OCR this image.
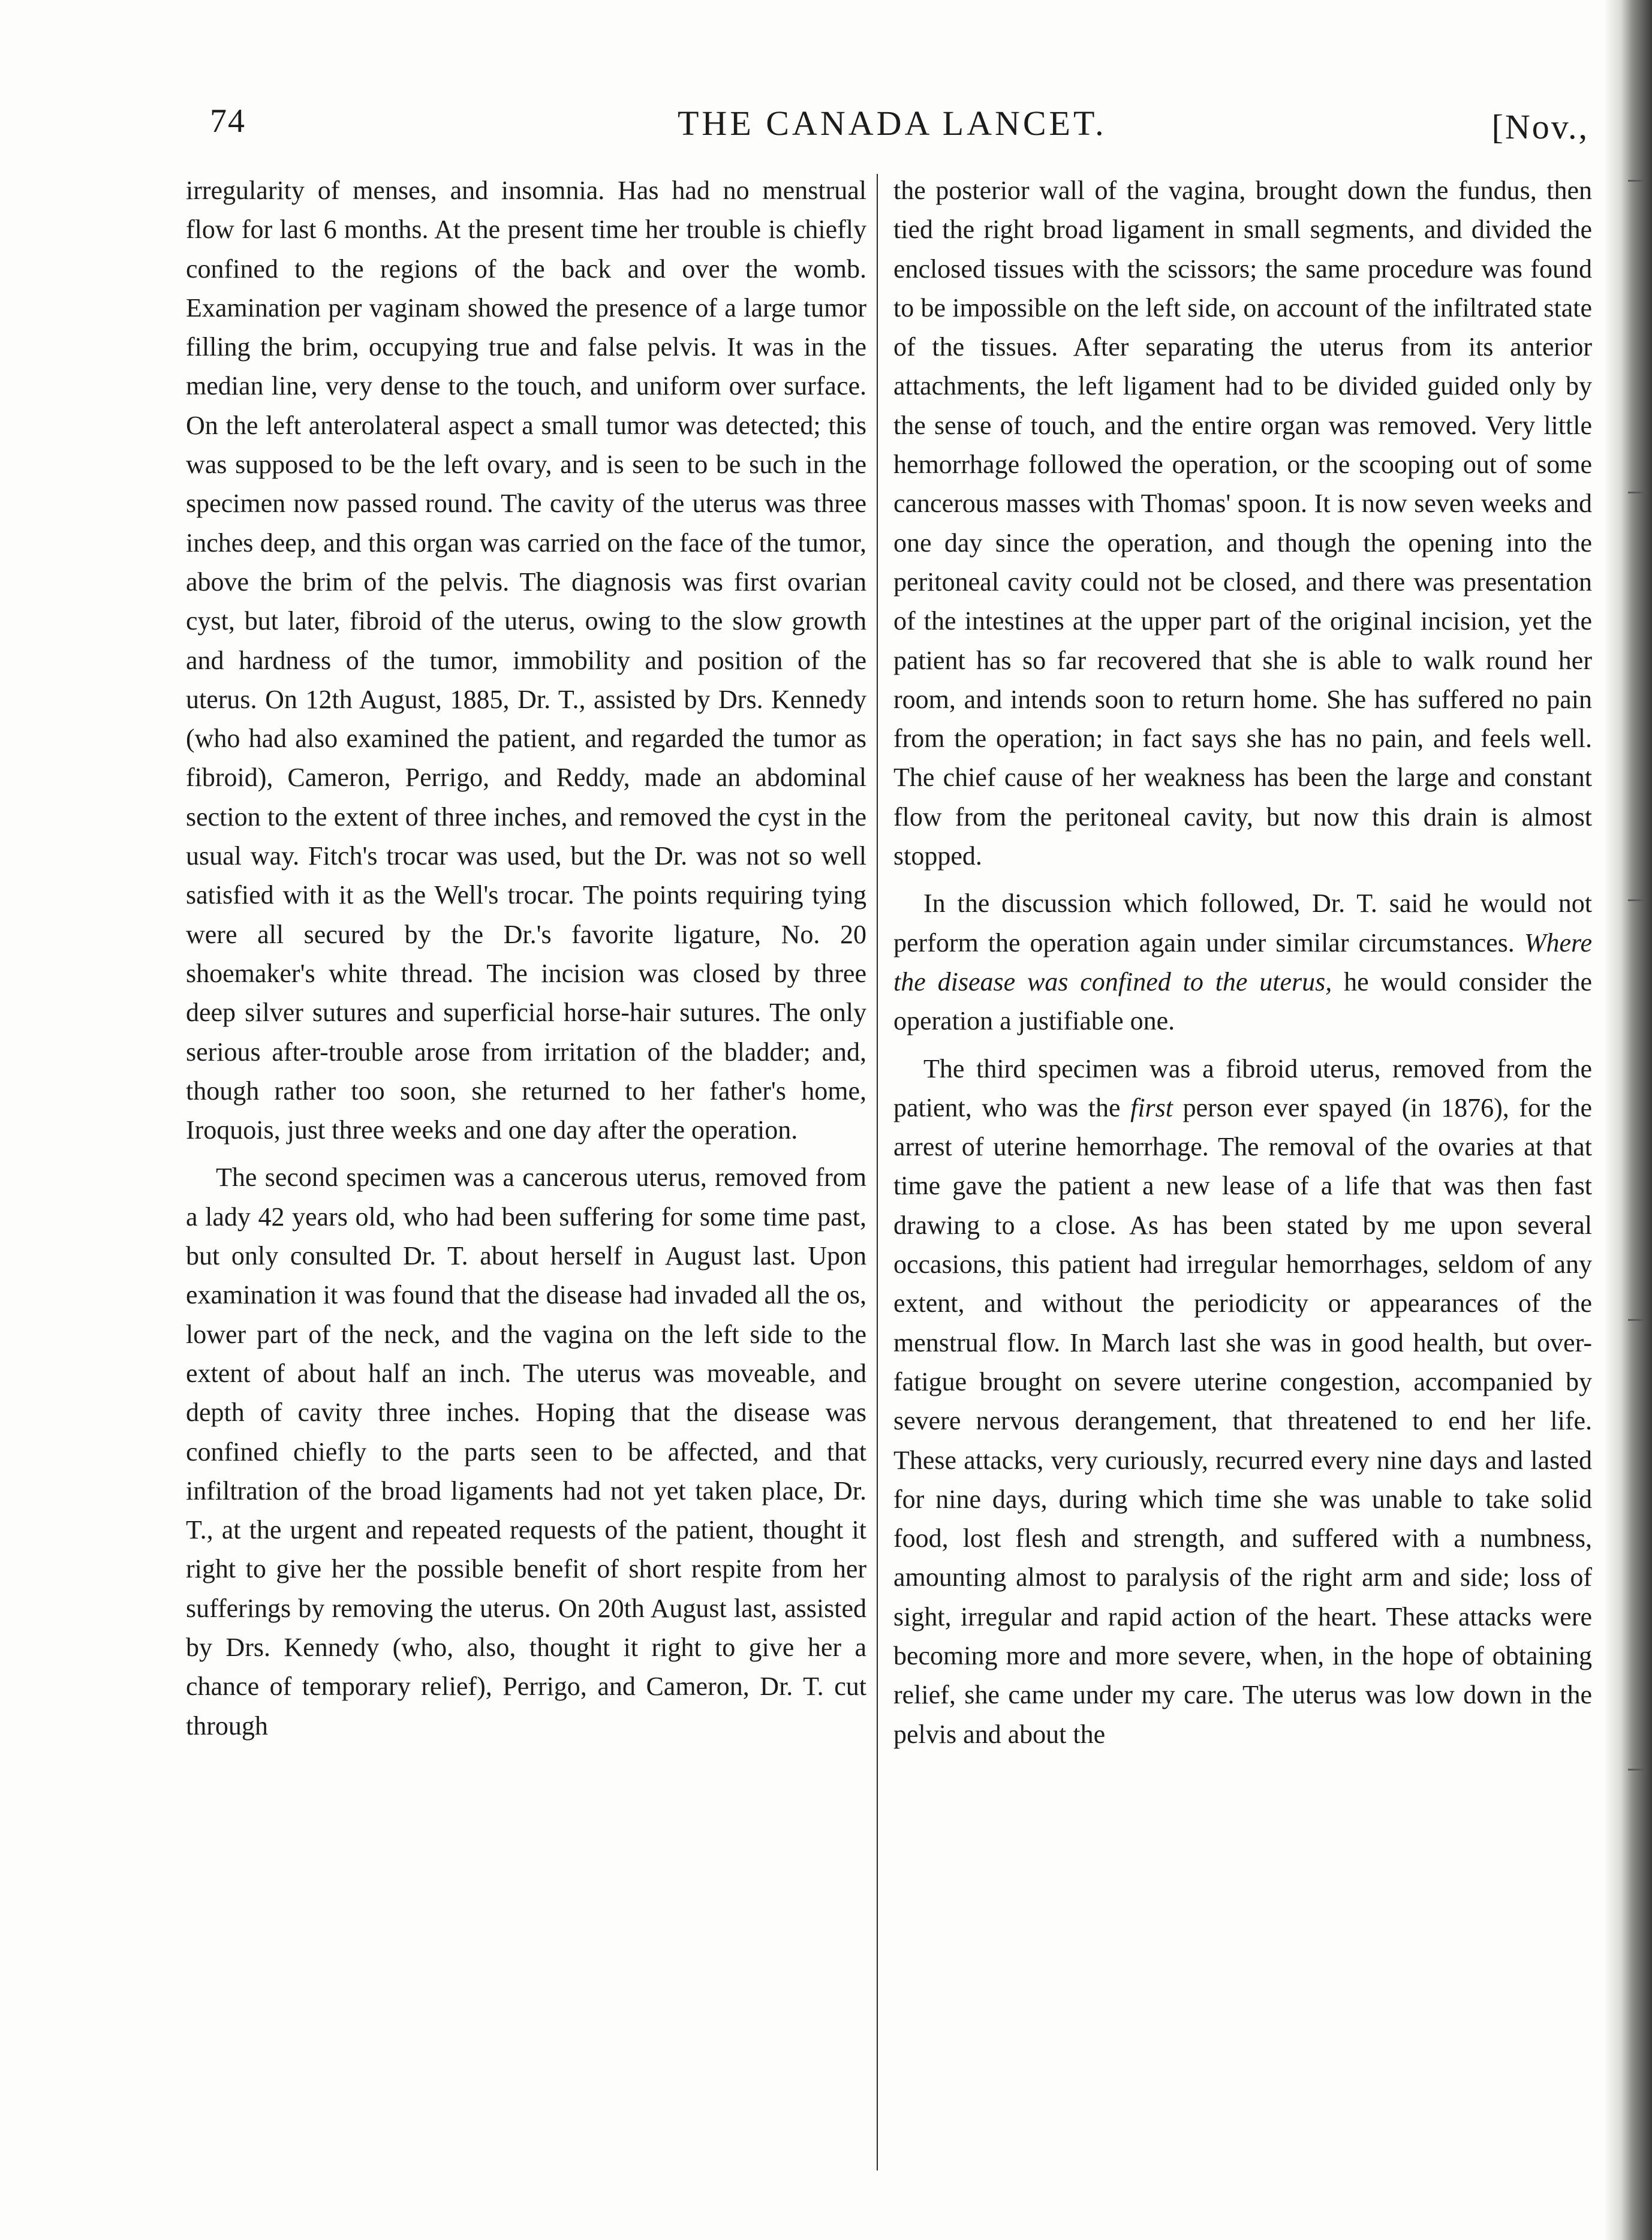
74	THE CANADA LANCET.	[Nov.,

irregularity of menses, and insomnia. Has had no menstrual flow for last 6 months. At the present time her trouble is chiefly confined to the regions of the back and over the womb. Examination per vaginam showed the presence of a large tumor filling the brim, occupying true and false pelvis. It was in the median line, very dense to the touch, and uniform over surface. On the left anterolateral aspect a small tumor was detected; this was supposed to be the left ovary, and is seen to be such in the specimen now passed round. The cavity of the uterus was three inches deep, and this organ was carried on the face of the tumor, above the brim of the pelvis. The diagnosis was first ovarian cyst, but later, fibroid of the uterus, owing to the slow growth and hardness of the tumor, immobility and position of the uterus. On 12th August, 1885, Dr. T., assisted by Drs. Kennedy (who had also examined the patient, and regarded the tumor as fibroid), Cameron, Perrigo, and Reddy, made an abdominal section to the extent of three inches, and removed the cyst in the usual way. Fitch's trocar was used, but the Dr. was not so well satisfied with it as the Well's trocar. The points requiring tying were all secured by the Dr.'s favorite ligature, No. 20 shoemaker's white thread. The incision was closed by three deep silver sutures and superficial horse-hair sutures. The only serious after-trouble arose from irritation of the bladder; and, though rather too soon, she returned to her father's home, Iroquois, just three weeks and one day after the operation.

The second specimen was a cancerous uterus, removed from a lady 42 years old, who had been suffering for some time past, but only consulted Dr. T. about herself in August last. Upon examination it was found that the disease had invaded all the os, lower part of the neck, and the vagina on the left side to the extent of about half an inch. The uterus was moveable, and depth of cavity three inches. Hoping that the disease was confined chiefly to the parts seen to be affected, and that infiltration of the broad ligaments had not yet taken place, Dr. T., at the urgent and repeated requests of the patient, thought it right to give her the possible benefit of short respite from her sufferings by removing the uterus. On 20th August last, assisted by Drs. Kennedy (who, also, thought it right to give her a chance of temporary relief), Perrigo, and Cameron, Dr. T. cut through

the posterior wall of the vagina, brought down the fundus, then tied the right broad ligament in small segments, and divided the enclosed tissues with the scissors; the same procedure was found to be impossible on the left side, on account of the infiltrated state of the tissues. After separating the uterus from its anterior attachments, the left ligament had to be divided guided only by the sense of touch, and the entire organ was removed. Very little hemorrhage followed the operation, or the scooping out of some cancerous masses with Thomas' spoon. It is now seven weeks and one day since the operation, and though the opening into the peritoneal cavity could not be closed, and there was presentation of the intestines at the upper part of the original incision, yet the patient has so far recovered that she is able to walk round her room, and intends soon to return home. She has suffered no pain from the operation; in fact says she has no pain, and feels well. The chief cause of her weakness has been the large and constant flow from the peritoneal cavity, but now this drain is almost stopped.

In the discussion which followed, Dr. T. said he would not perform the operation again under similar circumstances. Where the disease was confined to the uterus, he would consider the operation a justifiable one.

The third specimen was a fibroid uterus, removed from the patient, who was the first person ever spayed (in 1876), for the arrest of uterine hemorrhage. The removal of the ovaries at that time gave the patient a new lease of a life that was then fast drawing to a close. As has been stated by me upon several occasions, this patient had irregular hemorrhages, seldom of any extent, and without the periodicity or appearances of the menstrual flow. In March last she was in good health, but over-fatigue brought on severe uterine congestion, accompanied by severe nervous derangement, that threatened to end her life. These attacks, very curiously, recurred every nine days and lasted for nine days, during which time she was unable to take solid food, lost flesh and strength, and suffered with a numbness, amounting almost to paralysis of the right arm and side; loss of sight, irregular and rapid action of the heart. These attacks were becoming more and more severe, when, in the hope of obtaining relief, she came under my care. The uterus was low down in the pelvis and about the
